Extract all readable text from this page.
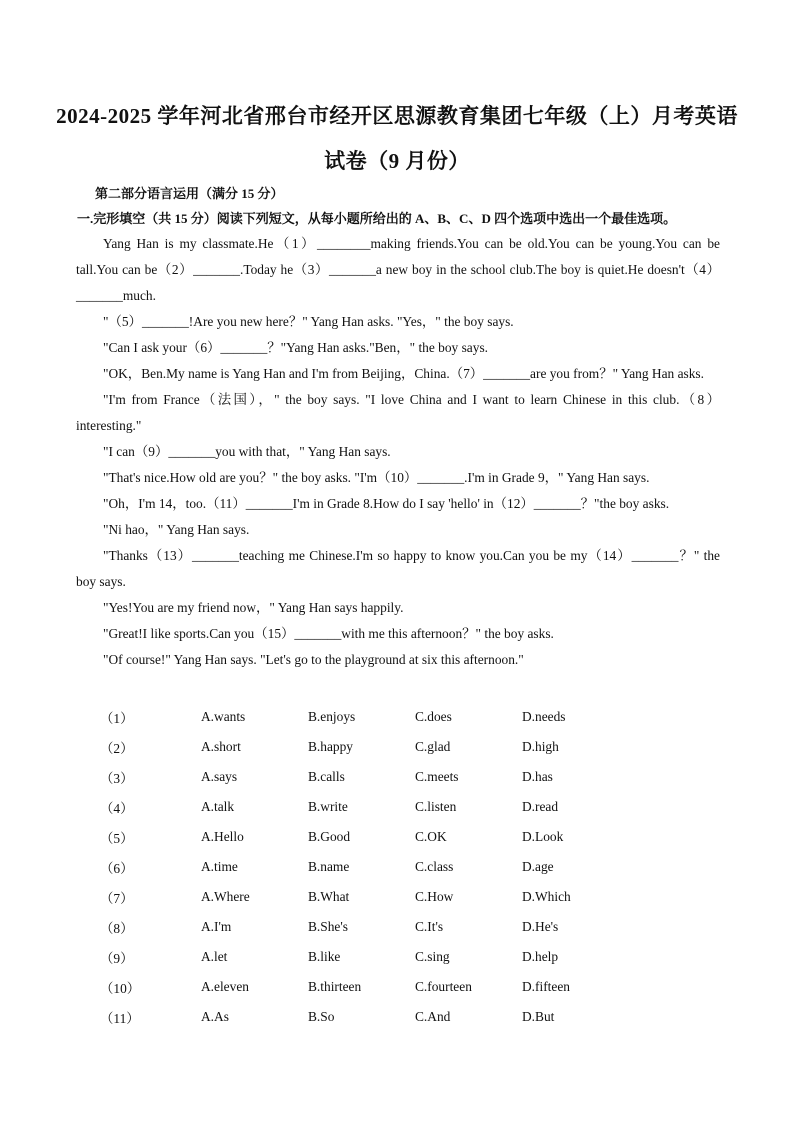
2024-2025 学年河北省邢台市经开区思源教育集团七年级（上）月考英语
试卷（9 月份）
第二部分语言运用（满分 15 分）
一.完形填空（共 15 分）阅读下列短文，从每小题所给出的 A、B、C、D 四个选项中选出一个最佳选项。

Yang Han is my classmate.He（1）________making friends.You can be old.You can be young.You can be tall.You can be（2）_______.Today he（3）_______a new boy in the school club.The boy is quiet.He doesn't（4）_______much.

"（5）_______!Are you new here？" Yang Han asks. "Yes，" the boy says.

"Can I ask your（6）_______？"Yang Han asks."Ben，" the boy says.

"OK，Ben.My name is Yang Han and I'm from Beijing，China.（7）_______are you from？" Yang Han asks.

"I'm from France（法国），" the boy says. "I love China and I want to learn Chinese in this club.（8）interesting."

"I can（9）_______you with that，" Yang Han says.

"That's nice.How old are you？" the boy asks. "I'm（10）_______.I'm in Grade 9，" Yang Han says.

"Oh，I'm 14，too.（11）_______I'm in Grade 8.How do I say 'hello' in（12）_______？"the boy asks.

"Ni hao，" Yang Han says.

"Thanks（13）_______teaching me Chinese.I'm so happy to know you.Can you be my（14）_______？" the boy says.

"Yes!You are my friend now，" Yang Han says happily.

"Great!I like sports.Can you（15）_______with me this afternoon？" the boy asks.

"Of course!" Yang Han says. "Let's go to the playground at six this afternoon."

（1）	A.wants	B.enjoys	C.does	D.needs
（2）	A.short	B.happy	C.glad	D.high
（3）	A.says	B.calls	C.meets	D.has
（4）	A.talk	B.write	C.listen	D.read
（5）	A.Hello	B.Good	C.OK	D.Look
（6）	A.time	B.name	C.class	D.age
（7）	A.Where	B.What	C.How	D.Which
（8）	A.I'm	B.She's	C.It's	D.He's
（9）	A.let	B.like	C.sing	D.help
（10）	A.eleven	B.thirteen	C.fourteen	D.fifteen
（11）	A.As	B.So	C.And	D.But
